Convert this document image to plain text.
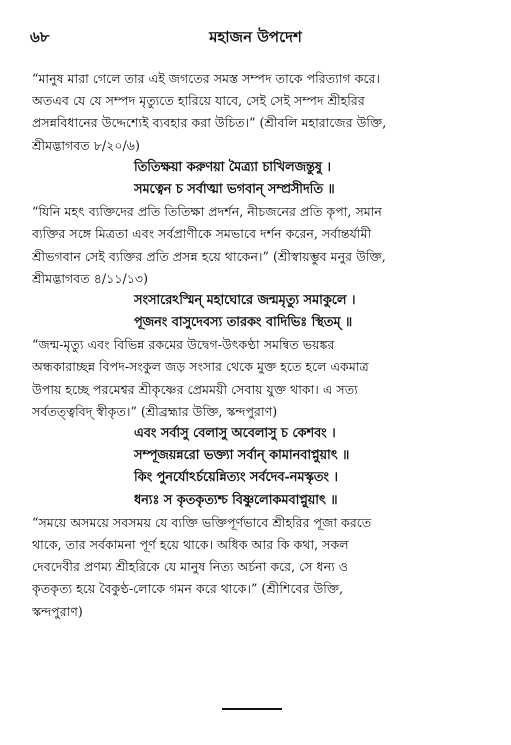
মহাজন উপদেশ
৬৮
“মানুষ মারা গেলে তার এই জগতের সমস্ত সম্পদ তাকে পরিত্যাগ করে।
অতএব যে যে সম্পদ মৃত্যুতে হারিয়ে যাবে, সেই সেই সম্পদ শ্রীহরির
প্রসন্নবিধানের উদ্দেশ্যেই ব্যবহার করা উচিত।” (শ্রীবলি মহারাজের উক্তি,
শ্রীমদ্ভাগবত ৮/২০/৬)
তিতিক্ষয়া করুণয়া মৈত্র্যা চাখিলজন্তুষু ।
সমত্বেন চ সর্বাত্মা ভগবান্ সম্প্রসীদতি ॥
“যিনি মহৎ ব্যক্তিদের প্রতি তিতিক্ষা প্রদর্শন, নীচজনের প্রতি কৃপা, সমান
ব্যক্তির সঙ্গে মিত্রতা এবং সর্বপ্রাণীকে সমভাবে দর্শন করেন, সর্বান্তর্যামী
শ্রীভগবান সেই ব্যক্তির প্রতি প্রসন্ন হয়ে থাকেন।” (শ্রীস্বায়ম্ভুব মনুর উক্তি,
শ্রীমদ্ভাগবত ৪/১১/১৩)
সংসারেঽস্মিন্ মহাঘোরে জন্মমৃত্যু সমাকুলে ।
পূজনং বাসুদেবস্য তারকং বাদিভিঃ স্থিতম্ ॥
“জন্ম-মৃত্যু এবং বিভিন্ন রকমের উদ্বেগ-উৎকণ্ঠা সমন্বিত ভয়ঙ্কর
অন্ধকারাচ্ছন্ন বিপদ-সংকুল জড় সংসার থেকে মুক্ত হতে হলে একমাত্র
উপায় হচ্ছে পরমেশ্বর শ্রীকৃষ্ণের প্রেমময়ী সেবায় যুক্ত থাকা। এ সত্য
সর্বতত্ত্ববিদ্ স্বীকৃত।” (শ্রীব্রহ্মার উক্তি, স্কন্দপুরাণ)
এবং সর্বাসু বেলাসু অবেলাসু চ কেশবং ।
সম্পূজয়ন্নরো ভক্ত্যা সর্বান্ কামানবাপ্নুয়াৎ ॥
কিং পুনর্যোঽর্চয়েন্নিত্যং সর্বদেব-নমস্কৃতং ।
ধন্যঃ স কৃতকৃত্যশ্চ বিষ্ণুলোকমবাপ্নুয়াৎ ॥
“সময়ে অসময়ে সবসময় যে ব্যক্তি ভক্তিপূর্ণভাবে শ্রীহরির পূজা করতে
থাকে, তার সর্বকামনা পূর্ণ হয়ে থাকে। অধিক আর কি কথা, সকল
দেবদেবীর প্রণম্য শ্রীহরিকে যে মানুষ নিত্য অর্চনা করে, সে ধন্য ও
কৃতকৃত্য হয়ে বৈকুণ্ঠ-লোকে গমন করে থাকে।” (শ্রীশিবের উক্তি,
স্কন্দপুরাণ)
